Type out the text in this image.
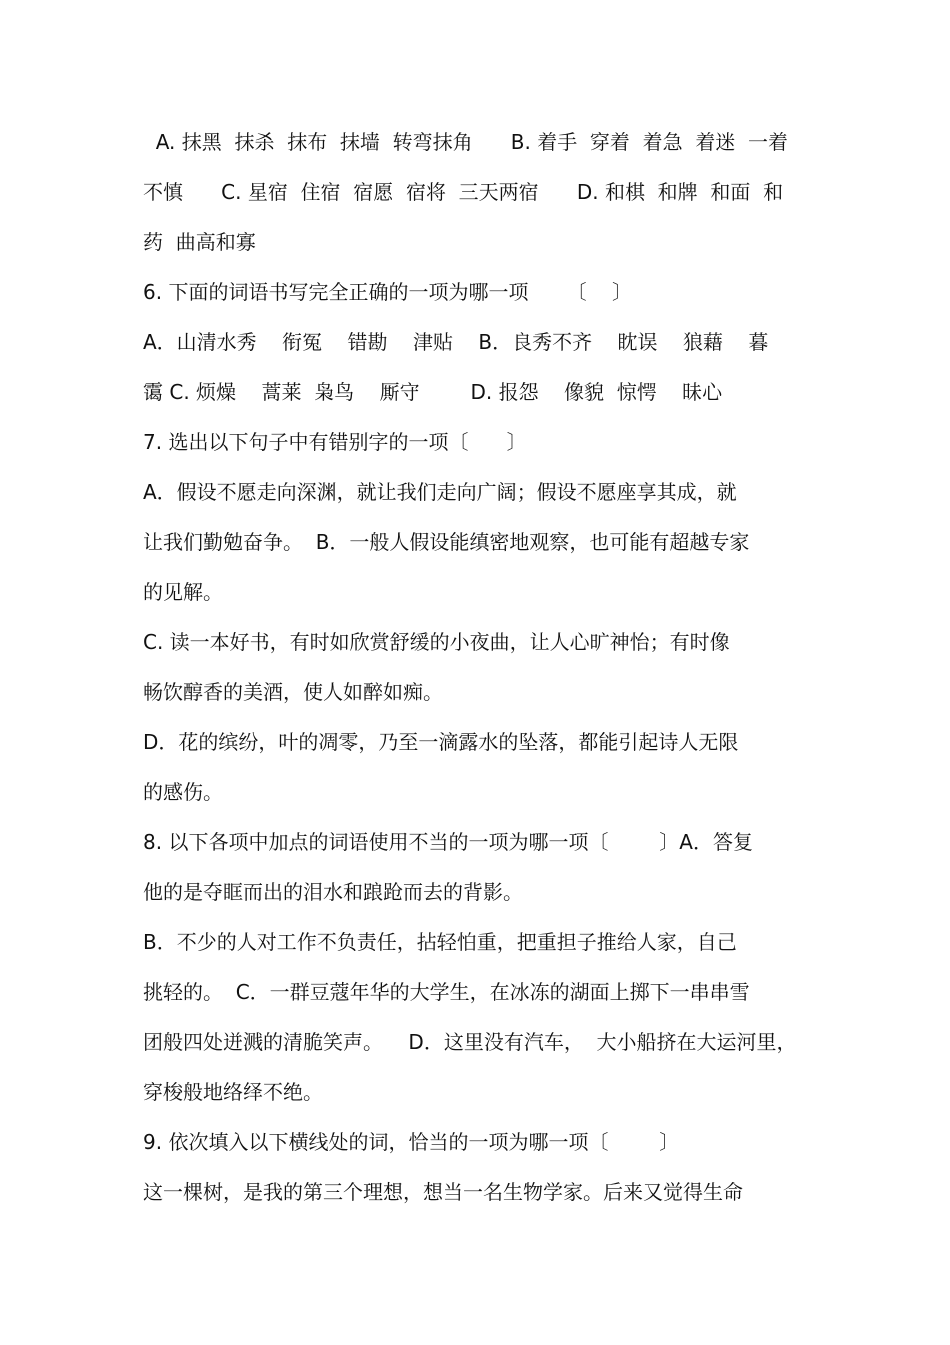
A. 抹黑  抹杀  抹布  抹墙  转弯抹角      B. 着手  穿着  着急  着迷  一着
不慎      C. 星宿  住宿  宿愿  宿将  三天两宿      D. 和棋  和牌  和面  和
药  曲高和寡
6. 下面的词语书写完全正确的一项为哪一项      〔    〕
A．山清水秀    衔冤    错勘    津贴    B．良秀不齐    眈误    狼藉    暮
霭 C. 烦燥    蒿莱  枭鸟    厮守        D. 报怨    像貌  惊愕    昧心
7. 选出以下句子中有错别字的一项〔      〕
A．假设不愿走向深渊，就让我们走向广阔；假设不愿座享其成，就
让我们勤勉奋争。  B．一般人假设能缜密地观察，也可能有超越专家
的见解。
C. 读一本好书，有时如欣赏舒缓的小夜曲，让人心旷神怡；有时像
畅饮醇香的美酒，使人如醉如痴。
D．花的缤纷，叶的凋零，乃至一滴露水的坠落，都能引起诗人无限
的感伤。
8. 以下各项中加点的词语使用不当的一项为哪一项〔        〕A．答复
他的是夺眶而出的泪水和踉跄而去的背影。
B．不少的人对工作不负责任，拈轻怕重，把重担子推给人家，自己
挑轻的。  C．一群豆蔻年华的大学生，在冰冻的湖面上掷下一串串雪
团般四处迸溅的清脆笑声。    D．这里没有汽车，  大小船挤在大运河里，
穿梭般地络绎不绝。
9. 依次填入以下横线处的词，恰当的一项为哪一项〔        〕
这一棵树，是我的第三个理想，想当一名生物学家。后来又觉得生命
